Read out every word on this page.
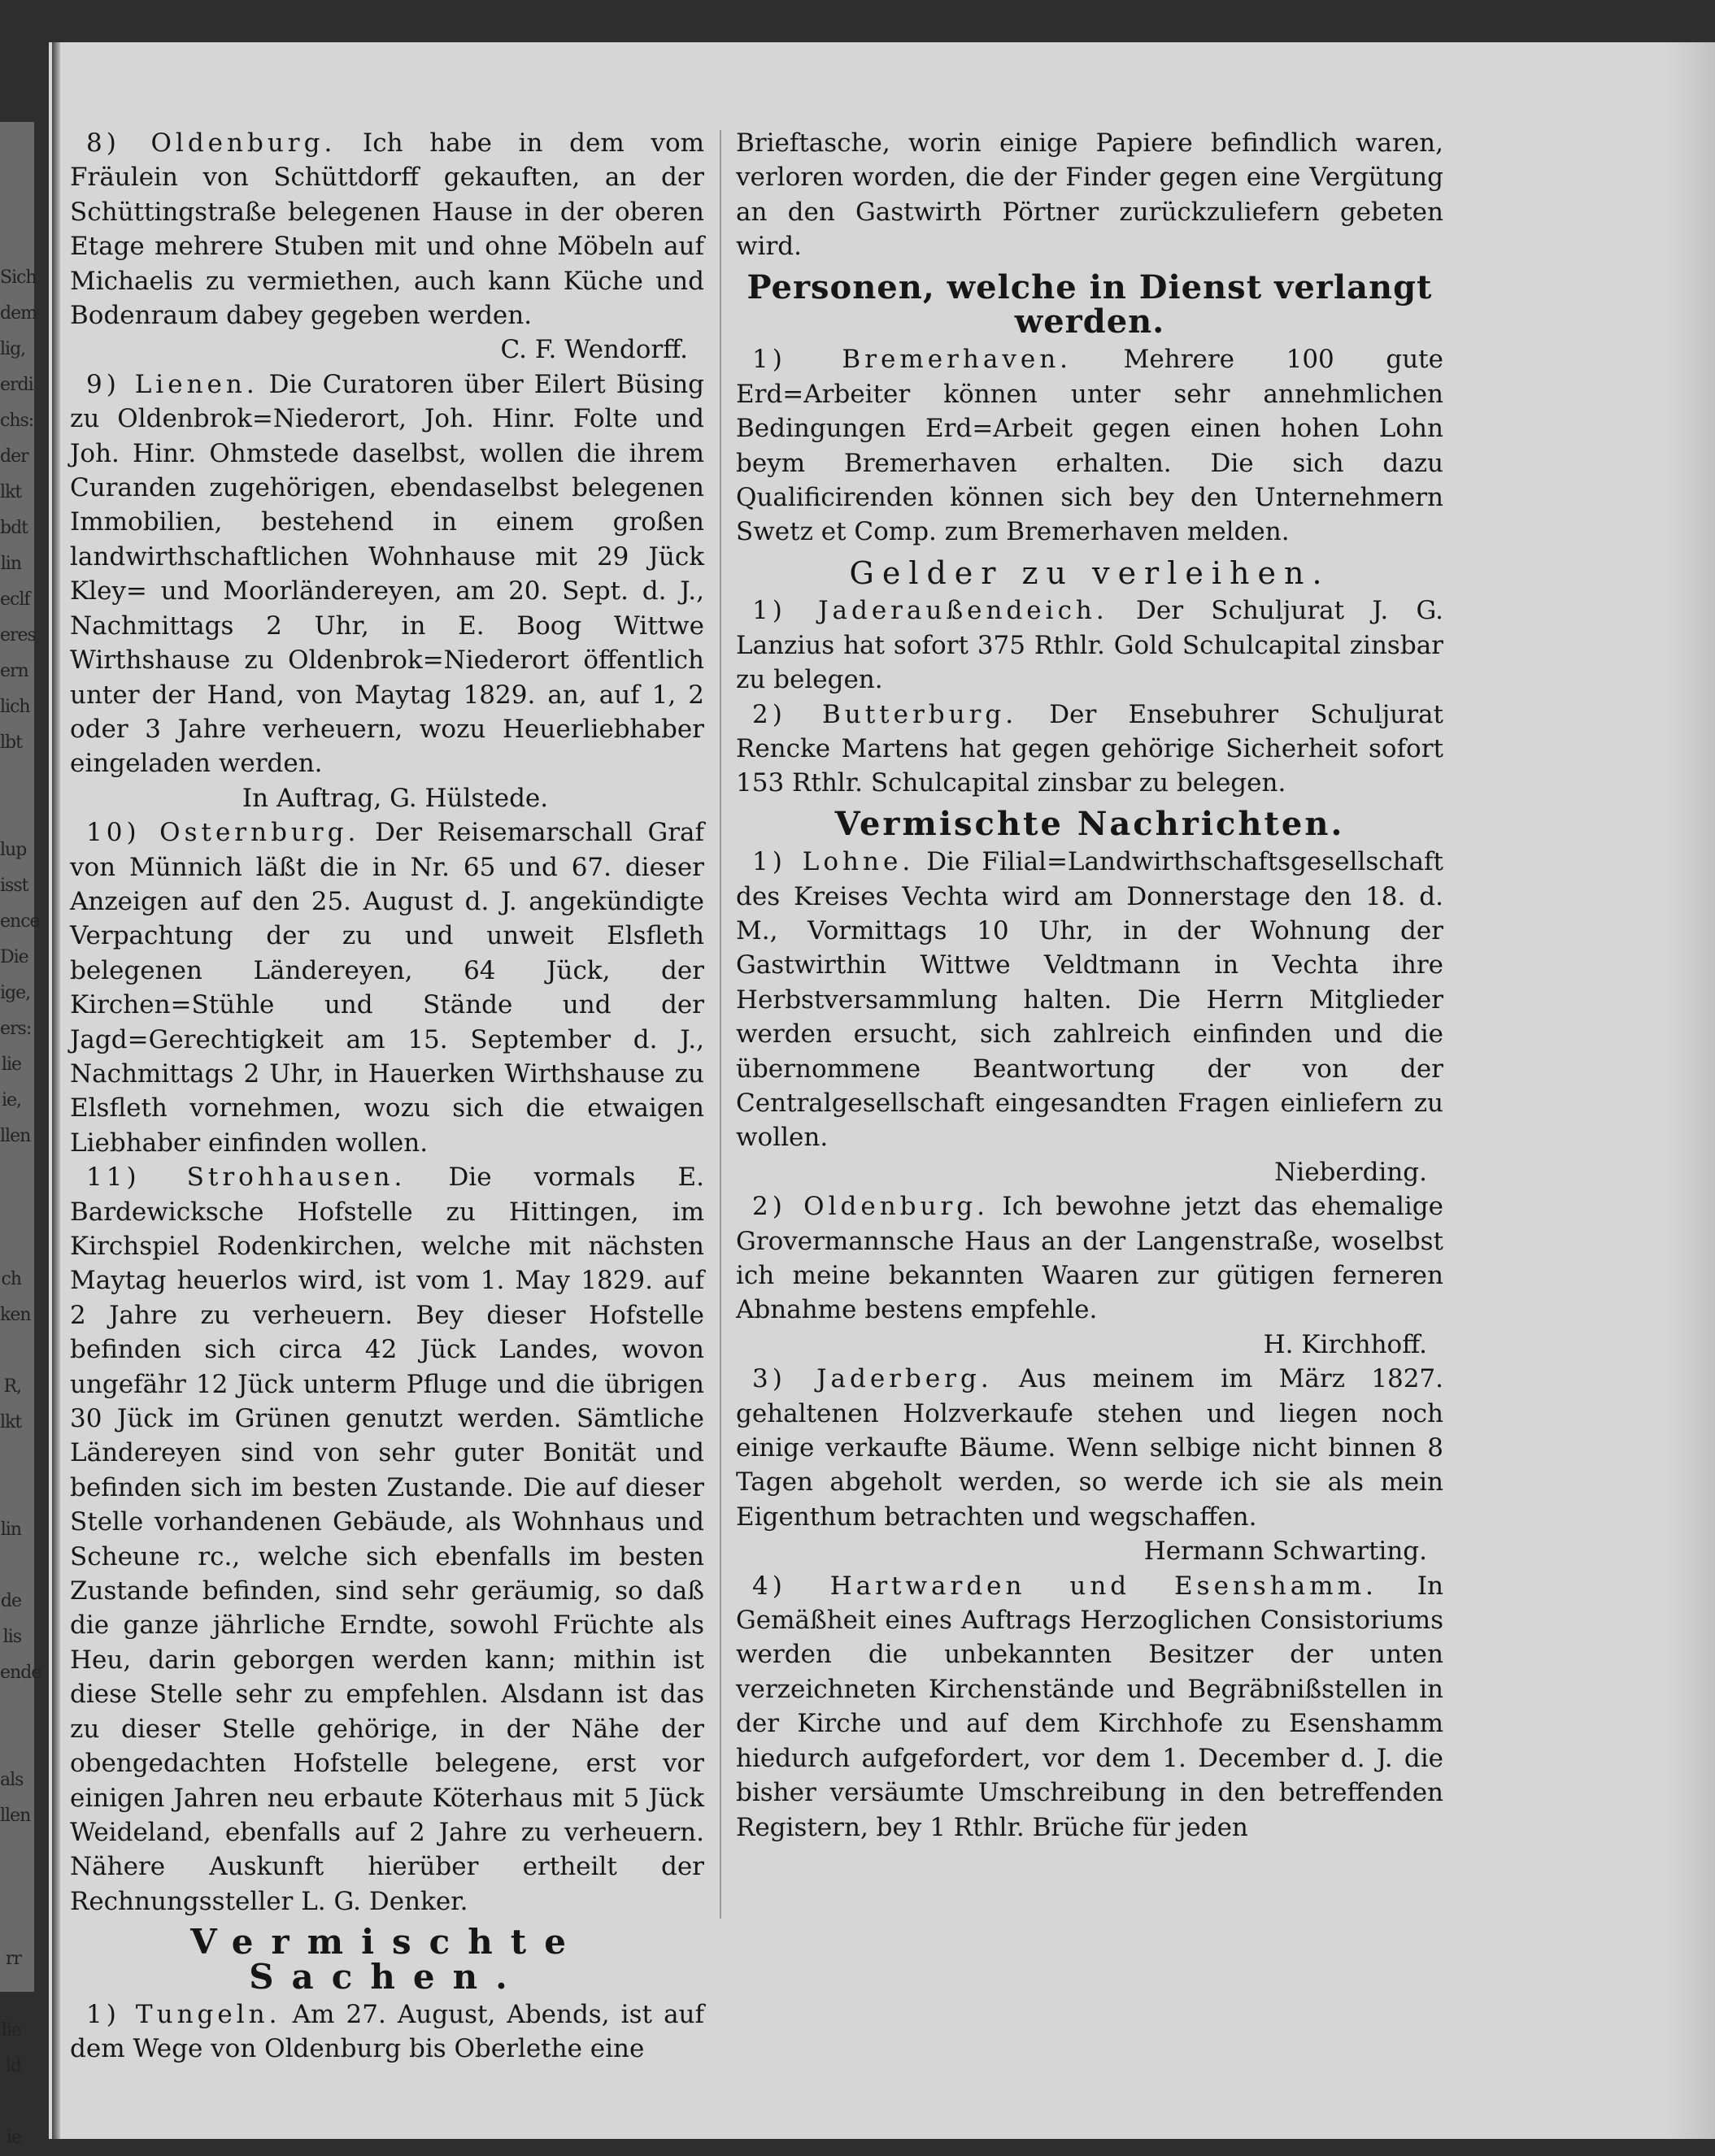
Sich
dem
lig,
erdi
chs:
der
lkt
bdt
lin
eclf
eres
ern
lich
lbt
lup
isst
ence
Die
ige,
ers:
lie
ie,
llen
ch
ken
R,
lkt
lin
de
lis
ende
als
llen
rr
lie
ld
ie

8) Oldenburg. Ich habe in dem vom Fräulein von Schüttdorff gekauften, an der Schüttingstraße belegenen Hause in der oberen Etage mehrere Stuben mit und ohne Möbeln auf Michaelis zu vermiethen, auch kann Küche und Bodenraum dabey gegeben werden.

C. F. Wendorff.

9) Lienen. Die Curatoren über Eilert Büsing zu Oldenbrok=Niederort, Joh. Hinr. Folte und Joh. Hinr. Ohmstede daselbst, wollen die ihrem Curanden zugehörigen, ebendaselbst belegenen Immobilien, bestehend in einem großen landwirthschaftlichen Wohnhause mit 29 Jück Kley= und Moorländereyen, am 20. Sept. d. J., Nachmittags 2 Uhr, in E. Boog Wittwe Wirthshause zu Oldenbrok=Niederort öffentlich unter der Hand, von Maytag 1829. an, auf 1, 2 oder 3 Jahre verheuern, wozu Heuerliebhaber eingeladen werden.

In Auftrag, G. Hülstede.

10) Osternburg. Der Reisemarschall Graf von Münnich läßt die in Nr. 65 und 67. dieser Anzeigen auf den 25. August d. J. angekündigte Verpachtung der zu und unweit Elsfleth belegenen Ländereyen, 64 Jück, der Kirchen=Stühle und Stände und der Jagd=Gerechtigkeit am 15. September d. J., Nachmittags 2 Uhr, in Hauerken Wirthshause zu Elsfleth vornehmen, wozu sich die etwaigen Liebhaber einfinden wollen.

11) Strohhausen. Die vormals E. Bardewicksche Hofstelle zu Hittingen, im Kirchspiel Rodenkirchen, welche mit nächsten Maytag heuerlos wird, ist vom 1. May 1829. auf 2 Jahre zu verheuern. Bey dieser Hofstelle befinden sich circa 42 Jück Landes, wovon ungefähr 12 Jück unterm Pfluge und die übrigen 30 Jück im Grünen genutzt werden. Sämtliche Ländereyen sind von sehr guter Bonität und befinden sich im besten Zustande. Die auf dieser Stelle vorhandenen Gebäude, als Wohnhaus und Scheune rc., welche sich ebenfalls im besten Zustande befinden, sind sehr geräumig, so daß die ganze jährliche Erndte, sowohl Früchte als Heu, darin geborgen werden kann; mithin ist diese Stelle sehr zu empfehlen. Alsdann ist das zu dieser Stelle gehörige, in der Nähe der obengedachten Hofstelle belegene, erst vor einigen Jahren neu erbaute Köterhaus mit 5 Jück Weideland, ebenfalls auf 2 Jahre zu verheuern. Nähere Auskunft hierüber ertheilt der Rechnungssteller L. G. Denker.

Vermischte Sachen.

1) Tungeln. Am 27. August, Abends, ist auf dem Wege von Oldenburg bis Oberlethe eine

Brieftasche, worin einige Papiere befindlich waren, verloren worden, die der Finder gegen eine Vergütung an den Gastwirth Pörtner zurückzuliefern gebeten wird.

Personen, welche in Dienst verlangt werden.

1) Bremerhaven. Mehrere 100 gute Erd=Arbeiter können unter sehr annehmlichen Bedingungen Erd=Arbeit gegen einen hohen Lohn beym Bremerhaven erhalten. Die sich dazu Qualificirenden können sich bey den Unternehmern Swetz et Comp. zum Bremerhaven melden.

Gelder zu verleihen.

1) Jaderaußendeich. Der Schuljurat J. G. Lanzius hat sofort 375 Rthlr. Gold Schulcapital zinsbar zu belegen.

2) Butterburg. Der Ensebuhrer Schuljurat Rencke Martens hat gegen gehörige Sicherheit sofort 153 Rthlr. Schulcapital zinsbar zu belegen.

Vermischte Nachrichten.

1) Lohne. Die Filial=Landwirthschaftsgesellschaft des Kreises Vechta wird am Donnerstage den 18. d. M., Vormittags 10 Uhr, in der Wohnung der Gastwirthin Wittwe Veldtmann in Vechta ihre Herbstversammlung halten. Die Herrn Mitglieder werden ersucht, sich zahlreich einfinden und die übernommene Beantwortung der von der Centralgesellschaft eingesandten Fragen einliefern zu wollen.

Nieberding.

2) Oldenburg. Ich bewohne jetzt das ehemalige Grovermannsche Haus an der Langenstraße, woselbst ich meine bekannten Waaren zur gütigen ferneren Abnahme bestens empfehle.

H. Kirchhoff.

3) Jaderberg. Aus meinem im März 1827. gehaltenen Holzverkaufe stehen und liegen noch einige verkaufte Bäume. Wenn selbige nicht binnen 8 Tagen abgeholt werden, so werde ich sie als mein Eigenthum betrachten und wegschaffen.

Hermann Schwarting.

4) Hartwarden und Esenshamm. In Gemäßheit eines Auftrags Herzoglichen Consistoriums werden die unbekannten Besitzer der unten verzeichneten Kirchenstände und Begräbnißstellen in der Kirche und auf dem Kirchhofe zu Esenshamm hiedurch aufgefordert, vor dem 1. December d. J. die bisher versäumte Umschreibung in den betreffenden Registern, bey 1 Rthlr. Brüche für jeden
